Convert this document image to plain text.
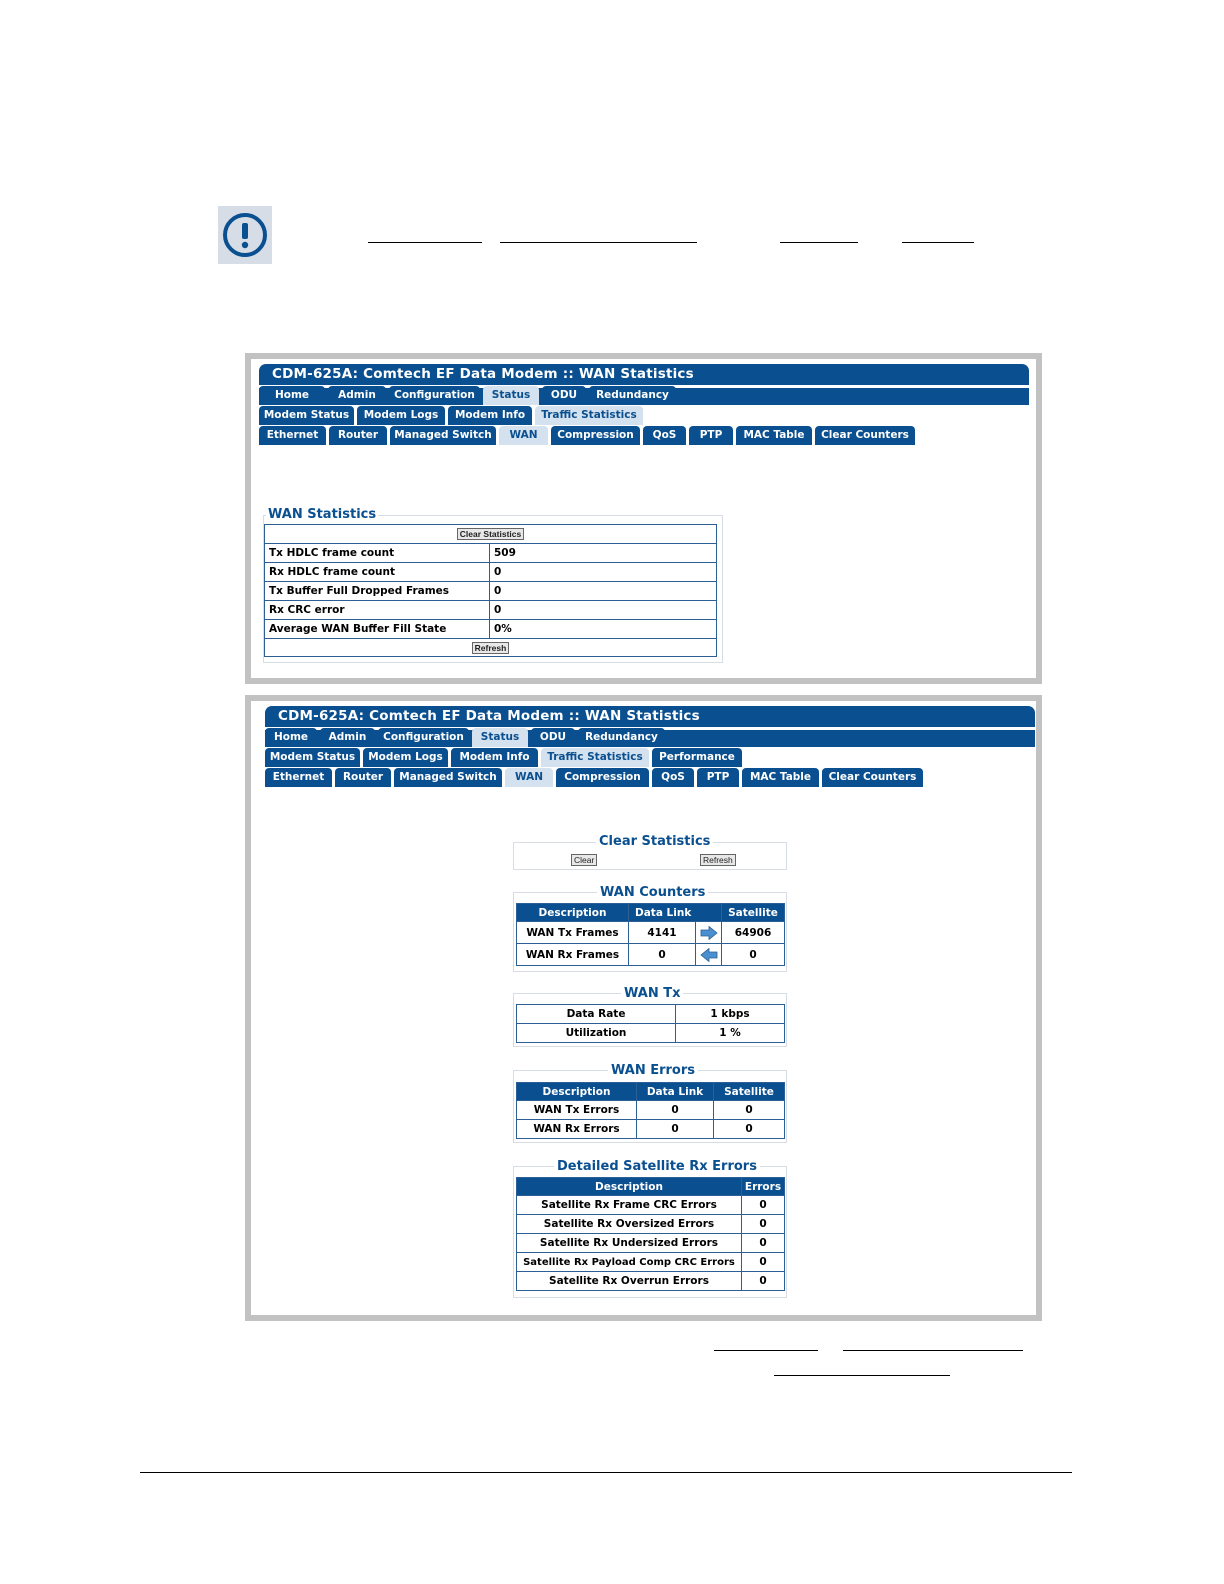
CDM-625A: Comtech EF Data Modem :: WAN Statistics
Home	Admin	Configuration	Status	ODU	Redundancy
Modem Status	Modem Logs	Modem Info	Traffic Statistics
Ethernet	Router	Managed Switch	WAN	Compression	QoS	PTP	MAC Table	Clear Counters
WAN Statistics
Clear Statistics	
Tx HDLC frame count	509
Rx HDLC frame count	0
Tx Buffer Full Dropped Frames	0
Rx CRC error	0
Average WAN Buffer Fill State	0%
Refresh	
CDM-625A: Comtech EF Data Modem :: WAN Statistics
Home	Admin	Configuration	Status	ODU	Redundancy
Modem Status	Modem Logs	Modem Info	Traffic Statistics	Performance
Ethernet	Router	Managed Switch	WAN	Compression	QoS	PTP	MAC Table	Clear Counters
Clear Statistics
Clear	Refresh
WAN Counters
Description	Data Link		Satellite
WAN Tx Frames	4141		64906
WAN Rx Frames	0		0
WAN Tx
Data Rate	1 kbps
Utilization	1 %
WAN Errors
Description	Data Link	Satellite
WAN Tx Errors	0	0
WAN Rx Errors	0	0
Detailed Satellite Rx Errors
Description	Errors
Satellite Rx Frame CRC Errors	0
Satellite Rx Oversized Errors	0
Satellite Rx Undersized Errors	0
Satellite Rx Payload Comp CRC Errors	0
Satellite Rx Overrun Errors	0
